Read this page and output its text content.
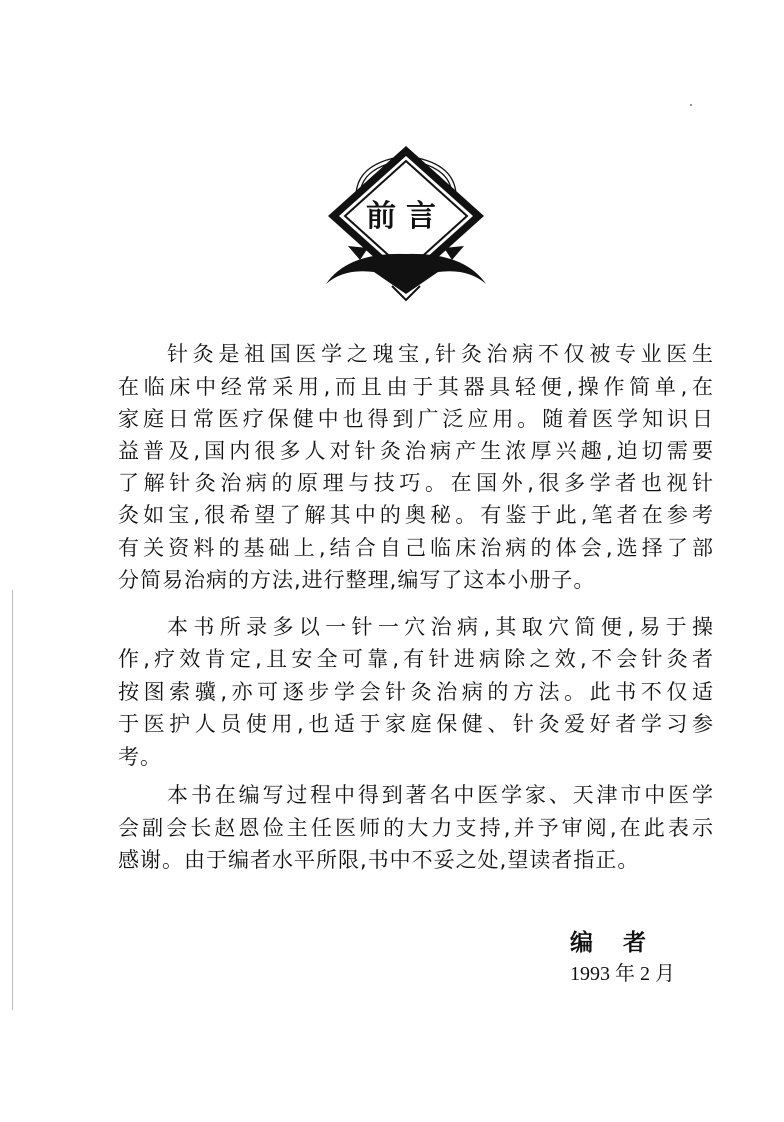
前言
针灸是祖国医学之瑰宝,针灸治病不仅被专业医生
在临床中经常采用,而且由于其器具轻便,操作简单,在
家庭日常医疗保健中也得到广泛应用。随着医学知识日
益普及,国内很多人对针灸治病产生浓厚兴趣,迫切需要
了解针灸治病的原理与技巧。在国外,很多学者也视针
灸如宝,很希望了解其中的奥秘。有鉴于此,笔者在参考
有关资料的基础上,结合自己临床治病的体会,选择了部
分简易治病的方法,进行整理,编写了这本小册子。
本书所录多以一针一穴治病,其取穴简便,易于操
作,疗效肯定,且安全可靠,有针进病除之效,不会针灸者
按图索骥,亦可逐步学会针灸治病的方法。此书不仅适
于医护人员使用,也适于家庭保健、针灸爱好者学习参
考。
本书在编写过程中得到著名中医学家、天津市中医学
会副会长赵恩俭主任医师的大力支持,并予审阅,在此表示
感谢。由于编者水平所限,书中不妥之处,望读者指正。
编者
1993 年 2 月
